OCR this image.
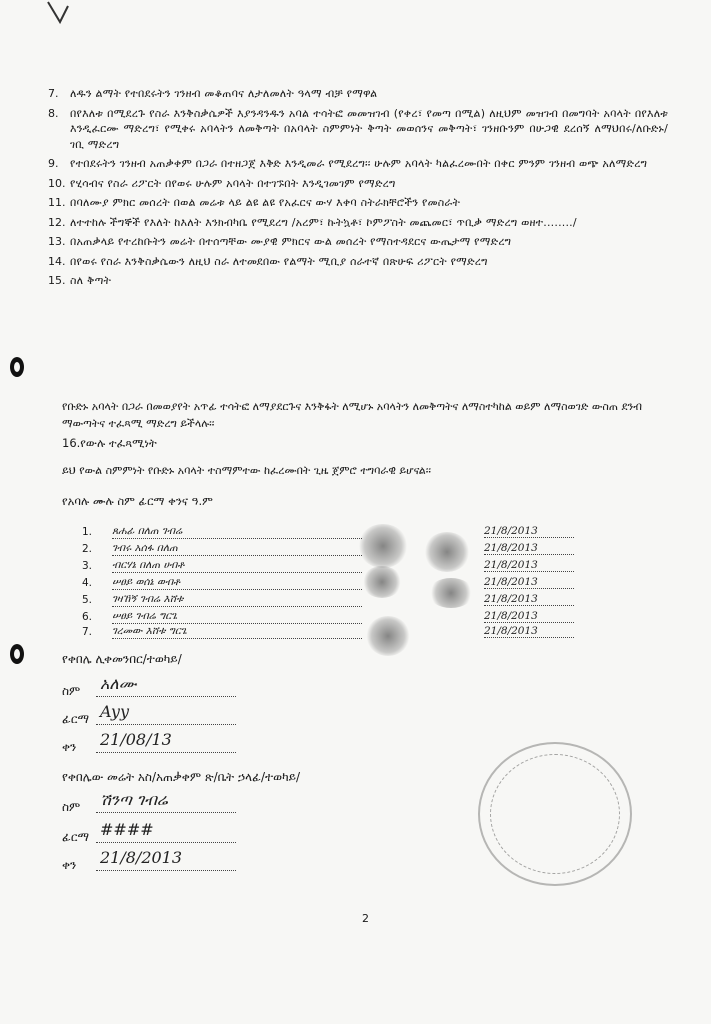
7.	ለዱን ልማት የተበደሩትን ገንዘብ መቆጠባና ለታለመለት ዓላማ ብቻ የማዋል
8.	በየእለቱ በሚደረጉ የስራ እንቅስቃሴዎች እያንዳንዱን አባል ተሳትፎ መመዝገብ (የቀረ፣ የመጣ በሚል) ለዚህም መዝገብ በመግባት አባላት በየእለቱ እንዲፈርሙ ማድረግ፣ የሚቀሩ አባላትን ለመቅጣት በአባላት ስምምነት ቅጣት መወሰንና መቅጣት፣ ገንዘቡንም በሁጋዊ ደረሰኝ ለማህበሩ/ለቡድኑ/ ገቢ ማድረግ
9.	የተበደሩትን ገንዘብ አጠቃቀም በጋራ በተዘጋጀ እቅድ እንዲመራ የሚደረግ፡፡ ሁሉም አባላት ካልፈረሙበት በቀር ምንም ገንዘብ ወጭ አለማድረግ
10. የሂሳብና የስራ ሪፖርት በየወሩ ሁሉም አባላት በተገኙበት እንዲገመገም የማድረግ
11. በባለሙያ ምክር መሰረት በወል መሬቱ ላይ ልዩ ልዩ የአፈርና ውሃ እቀባ ስትራክቸሮችን የመስራት
12. ለተተከሉ ችግኞች የእለት ከእለት እንክብካቤ የሚደረግ /አረም፣ ኩትኳቶ፣ ኮምፖስት መጨመር፣ ጥቢቃ ማድረግ ወዘተ......../
13. በአጠቃላይ የተረከቡትን መሬት በተሰጣቸው ሙያዊ ምክርና ውል መሰረት የማስተዳደርና ውጤታማ የማድረግ
14. በየወሩ የስራ እንቅስቃሴውን ለዚህ ስራ ለተመደበው የልማት ሚቢያ ሰራተኛ በጽሁፍ ሪፖርት የማድረግ
15. ስለ ቅጣት
የቡድኑ አባላት በጋራ በመወያየት አጥፊ ተሳትፎ ለማያደርጉና እንቅፋት ለሚሆኑ አባላትን ለመቅጣትና ለማስተካከል ወይም ለማስወገድ ውስጠ ደንብ ማውጣትና ተፈጻሚ ማድረግ ይችላሉ፡፡
16.የውሉ ተፈጻሚነት
ይህ የውል ስምምነት የቡድኑ አባላት ተስማምተው ከፈረሙበት ጊዜ ጀምሮ ተግባራዊ ይሆናል፡፡
የአባሉ ሙሉ ስም ፊርማ ቀንና ዓ.ም
1. ጸሐፊ በለጠ ገብሬ	21/8/2013
2. ገብሩ አሰፋ በለጠ	21/8/2013
3. ብርሃኔ በለጠ ሀብቶ	21/8/2013
4. ሠፀይ ወሰኔ ወብቶ	21/8/2013
5. ገዛኸኝ ገብሬ እሸቱ	21/8/2013
6. ሠፀይ ገብሬ ግርጌ	21/8/2013
7. ገረመው እሸቱ ግርጌ	21/8/2013
የቀበሌ ሊቀመንበር/ተወካይ/
ስም አለሙ
ፊርማ Ayy
ቀን 21/08/13
የቀበሌው መሬት አስ/አጠቃቀም ጽ/ቤት ኃላፊ/ተወካይ/
ስም ሽንጣ ገብሬ
ፊርማ ####
ቀን 21/8/2013
2
